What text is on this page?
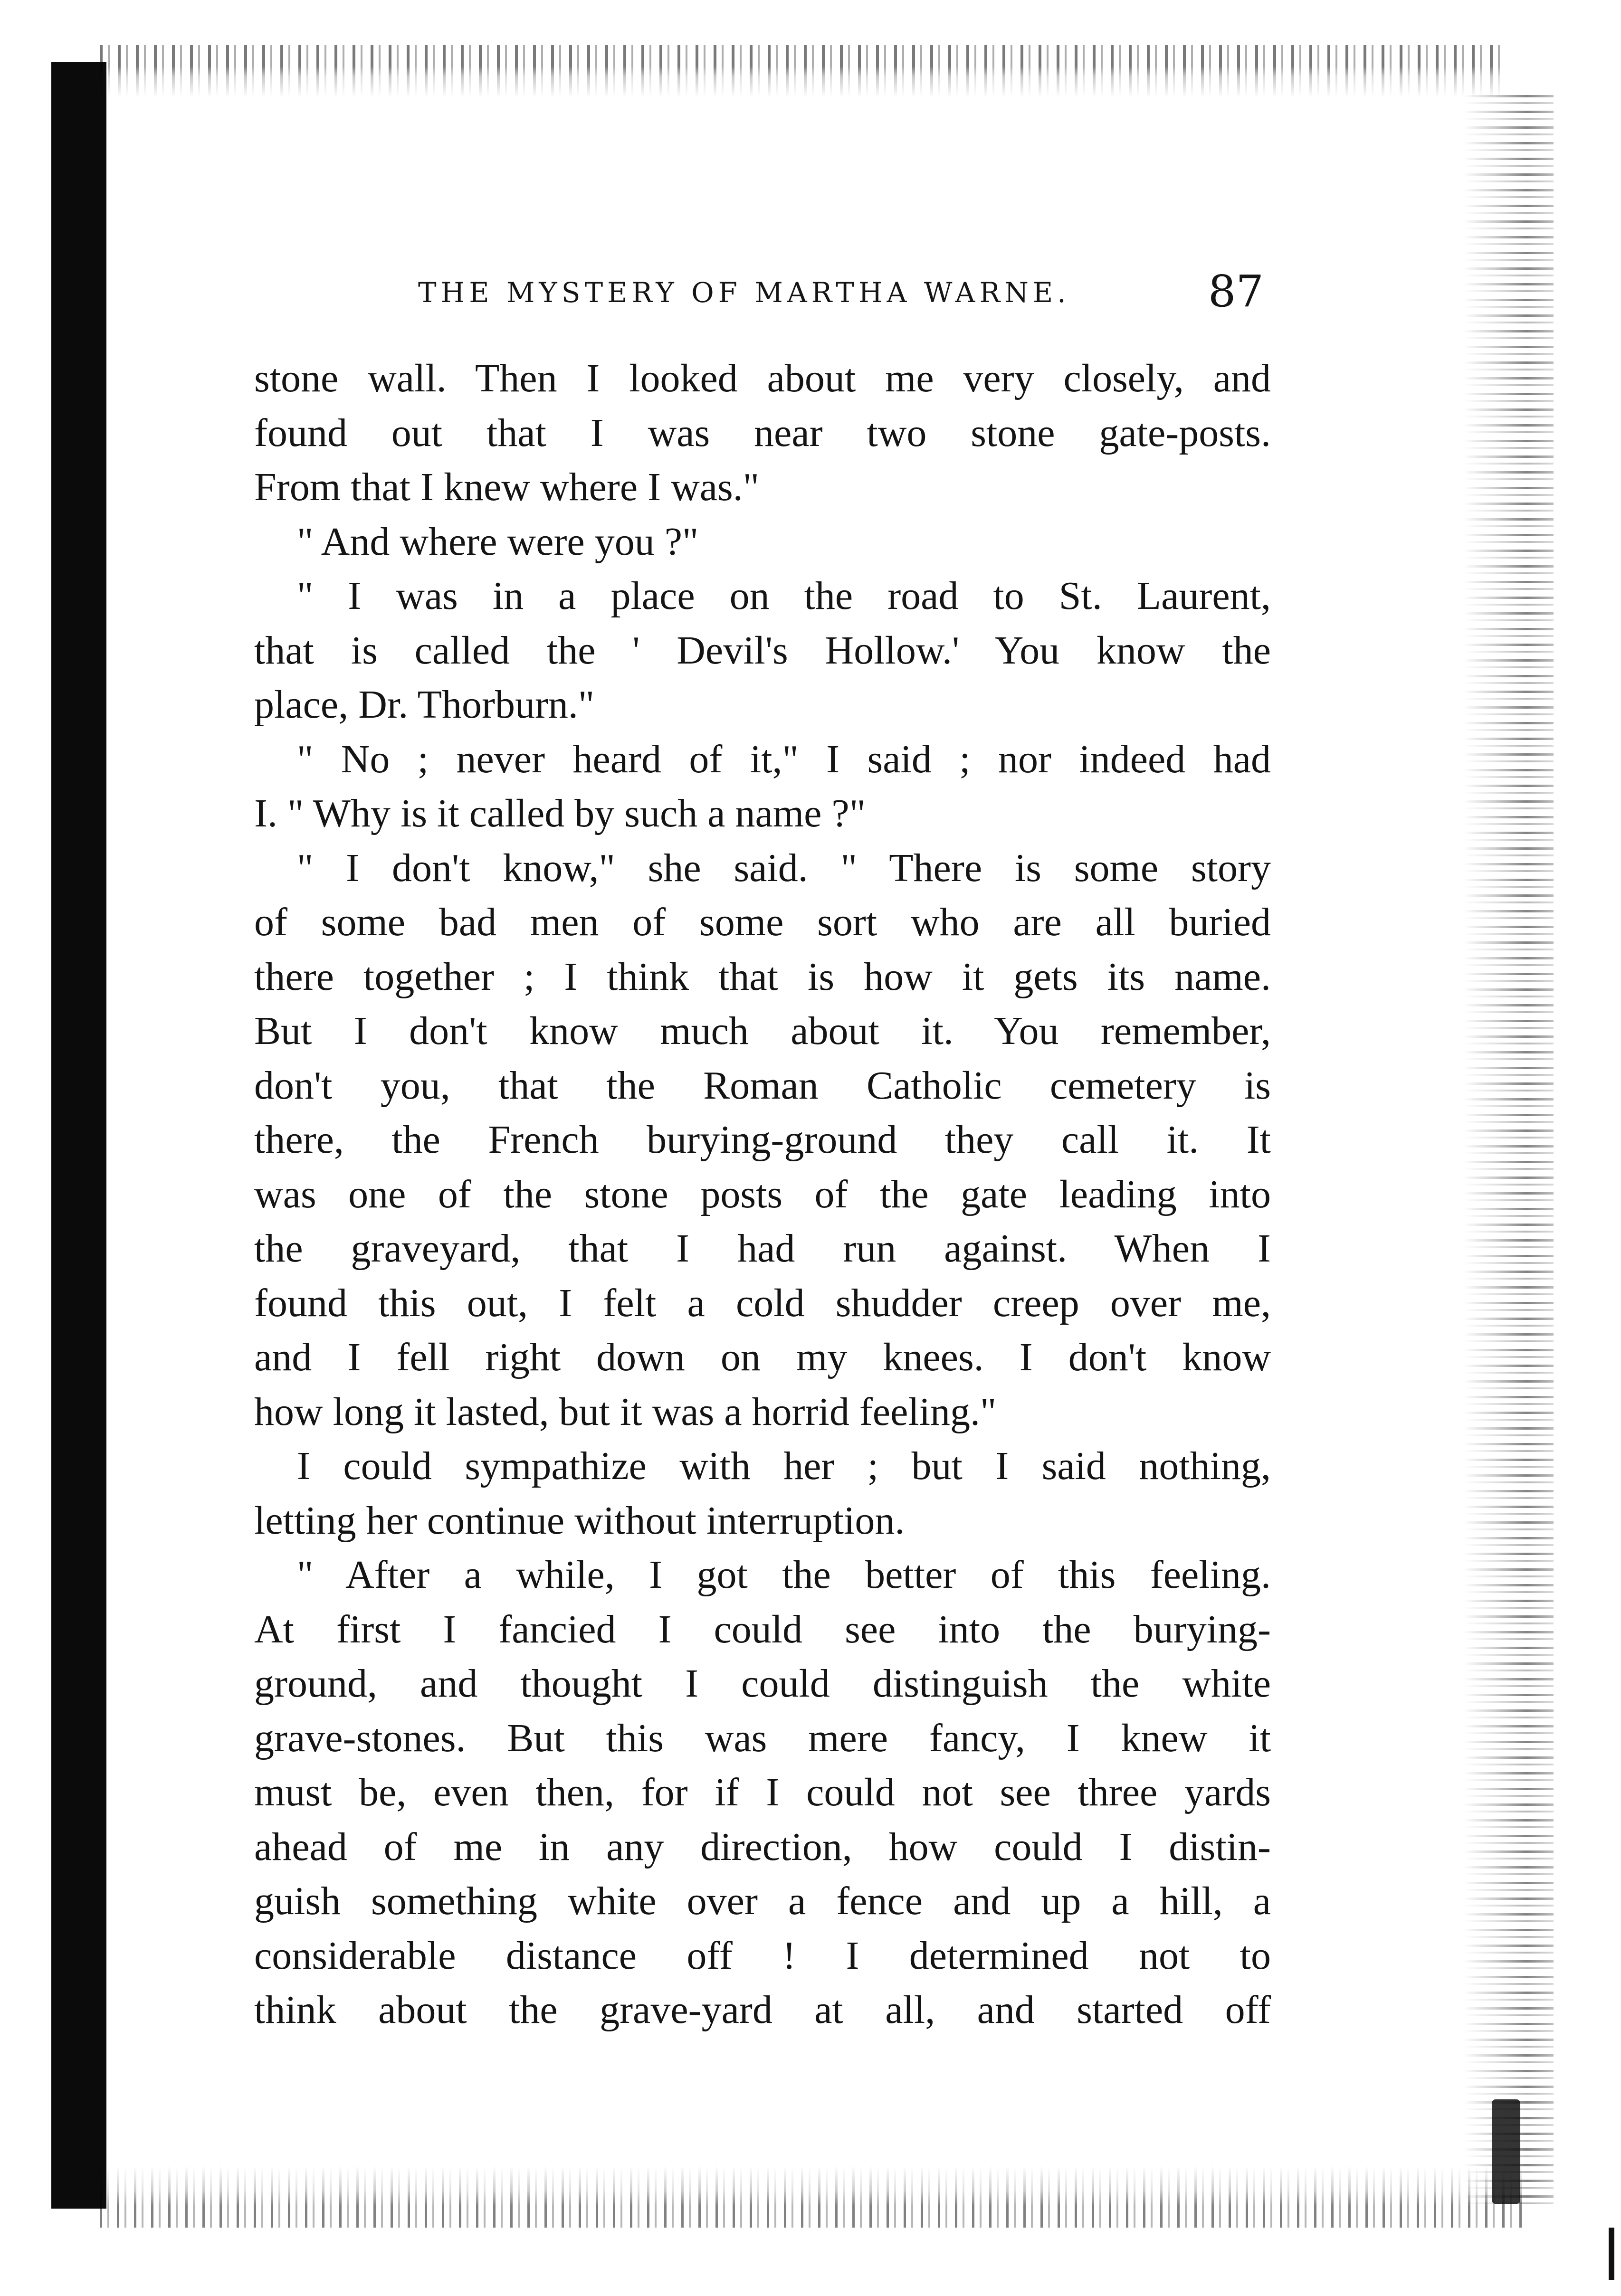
THE MYSTERY OF MARTHA WARNE.	87
stone wall. Then I looked about me very closely, and
found out that I was near two stone gate-posts.
From that I knew where I was."
" And where were you ?"
" I was in a place on the road to St. Laurent,
that is called the ' Devil's Hollow.' You know the
place, Dr. Thorburn."
" No ; never heard of it," I said ; nor indeed had
I. " Why is it called by such a name ?"
" I don't know," she said. " There is some story
of some bad men of some sort who are all buried
there together ; I think that is how it gets its name.
But I don't know much about it. You remember,
don't you, that the Roman Catholic cemetery is
there, the French burying-ground they call it. It
was one of the stone posts of the gate leading into
the graveyard, that I had run against. When I
found this out, I felt a cold shudder creep over me,
and I fell right down on my knees. I don't know
how long it lasted, but it was a horrid feeling."
I could sympathize with her ; but I said nothing,
letting her continue without interruption.
" After a while, I got the better of this feeling.
At first I fancied I could see into the burying-
ground, and thought I could distinguish the white
grave-stones. But this was mere fancy, I knew it
must be, even then, for if I could not see three yards
ahead of me in any direction, how could I distin-
guish something white over a fence and up a hill, a
considerable distance off ! I determined not to
think about the grave-yard at all, and started off
